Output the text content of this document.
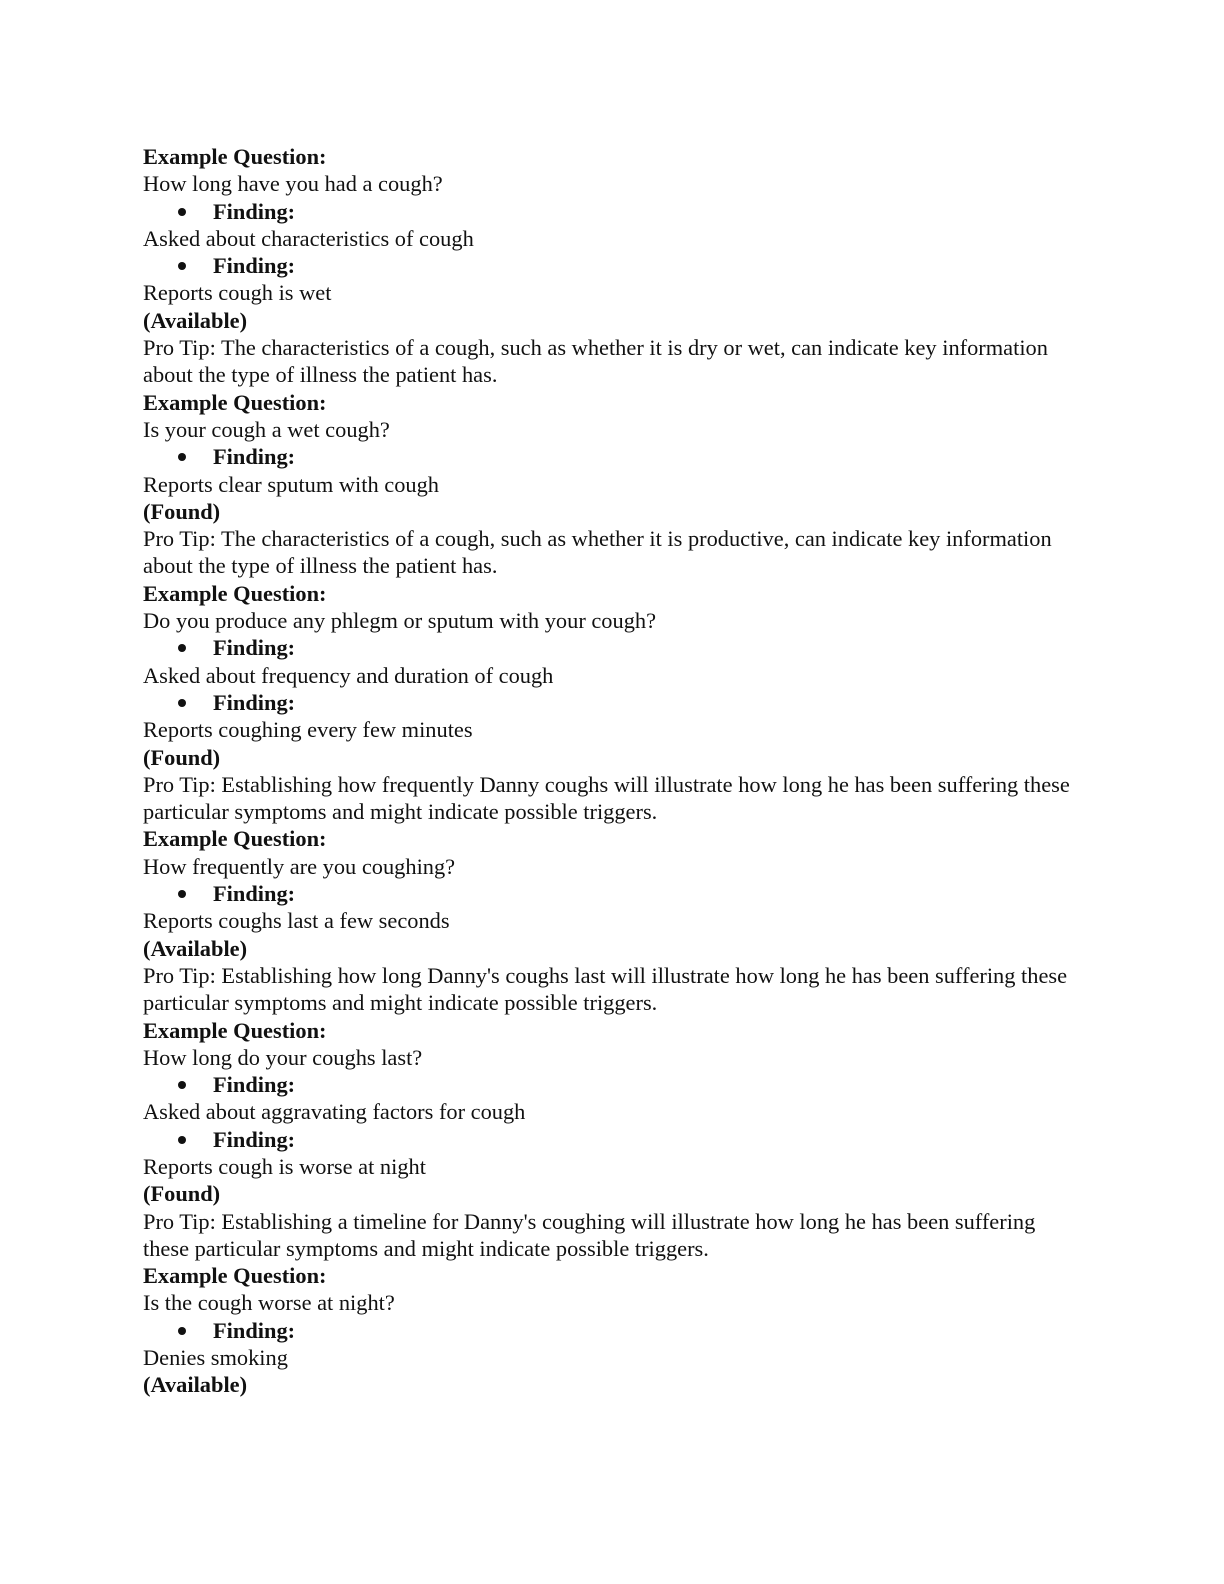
Example Question:
How long have you had a cough?
Finding:
Asked about characteristics of cough
Finding:
Reports cough is wet
(Available)
Pro Tip: The characteristics of a cough, such as whether it is dry or wet, can indicate key information about the type of illness the patient has.
Example Question:
Is your cough a wet cough?
Finding:
Reports clear sputum with cough
(Found)
Pro Tip: The characteristics of a cough, such as whether it is productive, can indicate key information about the type of illness the patient has.
Example Question:
Do you produce any phlegm or sputum with your cough?
Finding:
Asked about frequency and duration of cough
Finding:
Reports coughing every few minutes
(Found)
Pro Tip: Establishing how frequently Danny coughs will illustrate how long he has been suffering these particular symptoms and might indicate possible triggers.
Example Question:
How frequently are you coughing?
Finding:
Reports coughs last a few seconds
(Available)
Pro Tip: Establishing how long Danny's coughs last will illustrate how long he has been suffering these particular symptoms and might indicate possible triggers.
Example Question:
How long do your coughs last?
Finding:
Asked about aggravating factors for cough
Finding:
Reports cough is worse at night
(Found)
Pro Tip: Establishing a timeline for Danny's coughing will illustrate how long he has been suffering these particular symptoms and might indicate possible triggers.
Example Question:
Is the cough worse at night?
Finding:
Denies smoking
(Available)
